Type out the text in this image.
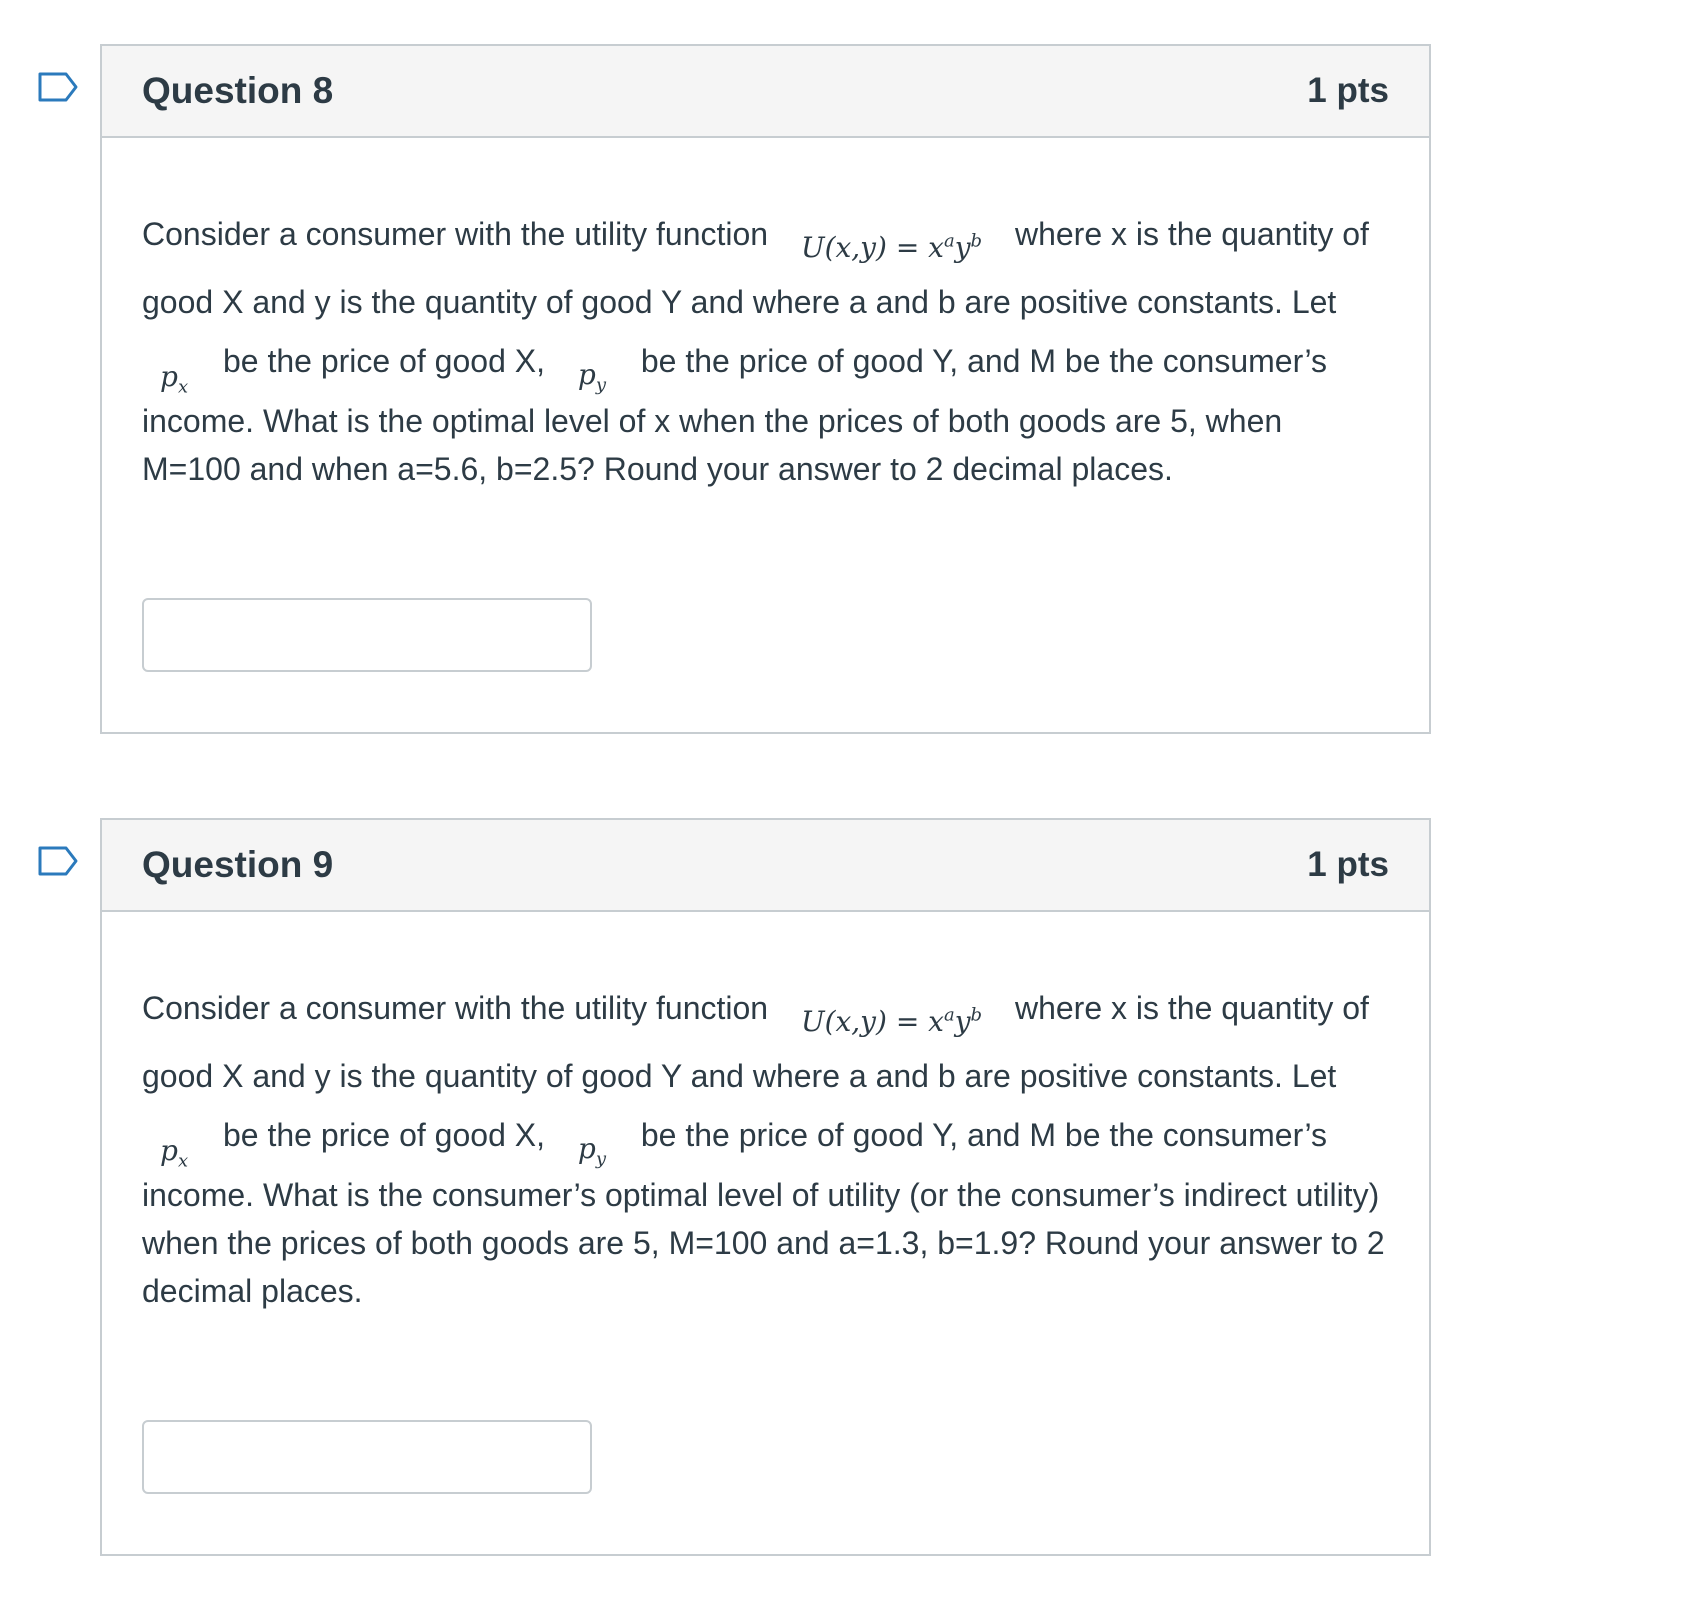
Question 8	1 pts
Consider a consumer with the utility function $U(x,y) = x^ay^b$ where x is the quantity of
good X and y is the quantity of good Y and where a and b are positive constants. Let
$p_x$ be the price of good X, $p_y$ be the price of good Y, and M be the consumer’s
income. What is the optimal level of x when the prices of both goods are 5, when
M=100 and when a=5.6, b=2.5? Round your answer to 2 decimal places.
Question 9	1 pts
Consider a consumer with the utility function $U(x,y) = x^ay^b$ where x is the quantity of
good X and y is the quantity of good Y and where a and b are positive constants. Let
$p_x$ be the price of good X, $p_y$ be the price of good Y, and M be the consumer’s
income. What is the consumer’s optimal level of utility (or the consumer’s indirect utility)
when the prices of both goods are 5, M=100 and a=1.3, b=1.9? Round your answer to 2
decimal places.
